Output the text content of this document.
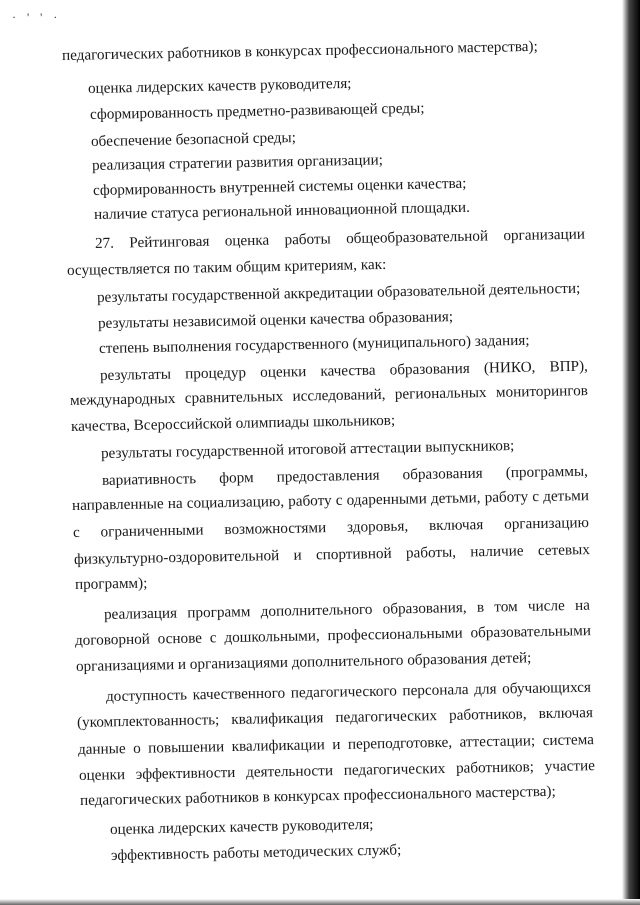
· ' ' ·
педагогических работников в конкурсах профессионального мастерства);
оценка лидерских качеств руководителя;
сформированность предметно-развивающей среды;
обеспечение безопасной среды;
реализация стратегии развития организации;
сформированность внутренней системы оценки качества;
наличие статуса региональной инновационной площадки.
27. Рейтинговая оценка работы общеобразовательной организации
осуществляется по таким общим критериям, как:
результаты государственной аккредитации образовательной деятельности;
результаты независимой оценки качества образования;
степень выполнения государственного (муниципального) задания;
результаты процедур оценки качества образования (НИКО, ВПР),
международных сравнительных исследований, региональных мониторингов
качества, Всероссийской олимпиады школьников;
результаты государственной итоговой аттестации выпускников;
вариативность форм предоставления образования (программы,
направленные на социализацию, работу с одаренными детьми, работу с детьми
с ограниченными возможностями здоровья, включая организацию
физкультурно-оздоровительной и спортивной работы, наличие сетевых
программ);
реализация программ дополнительного образования, в том числе на
договорной основе с дошкольными, профессиональными образовательными
организациями и организациями дополнительного образования детей;
доступность качественного педагогического персонала для обучающихся
(укомплектованность; квалификация педагогических работников, включая
данные о повышении квалификации и переподготовке, аттестации; система
оценки эффективности деятельности педагогических работников; участие
педагогических работников в конкурсах профессионального мастерства);
оценка лидерских качеств руководителя;
эффективность работы методических служб;
